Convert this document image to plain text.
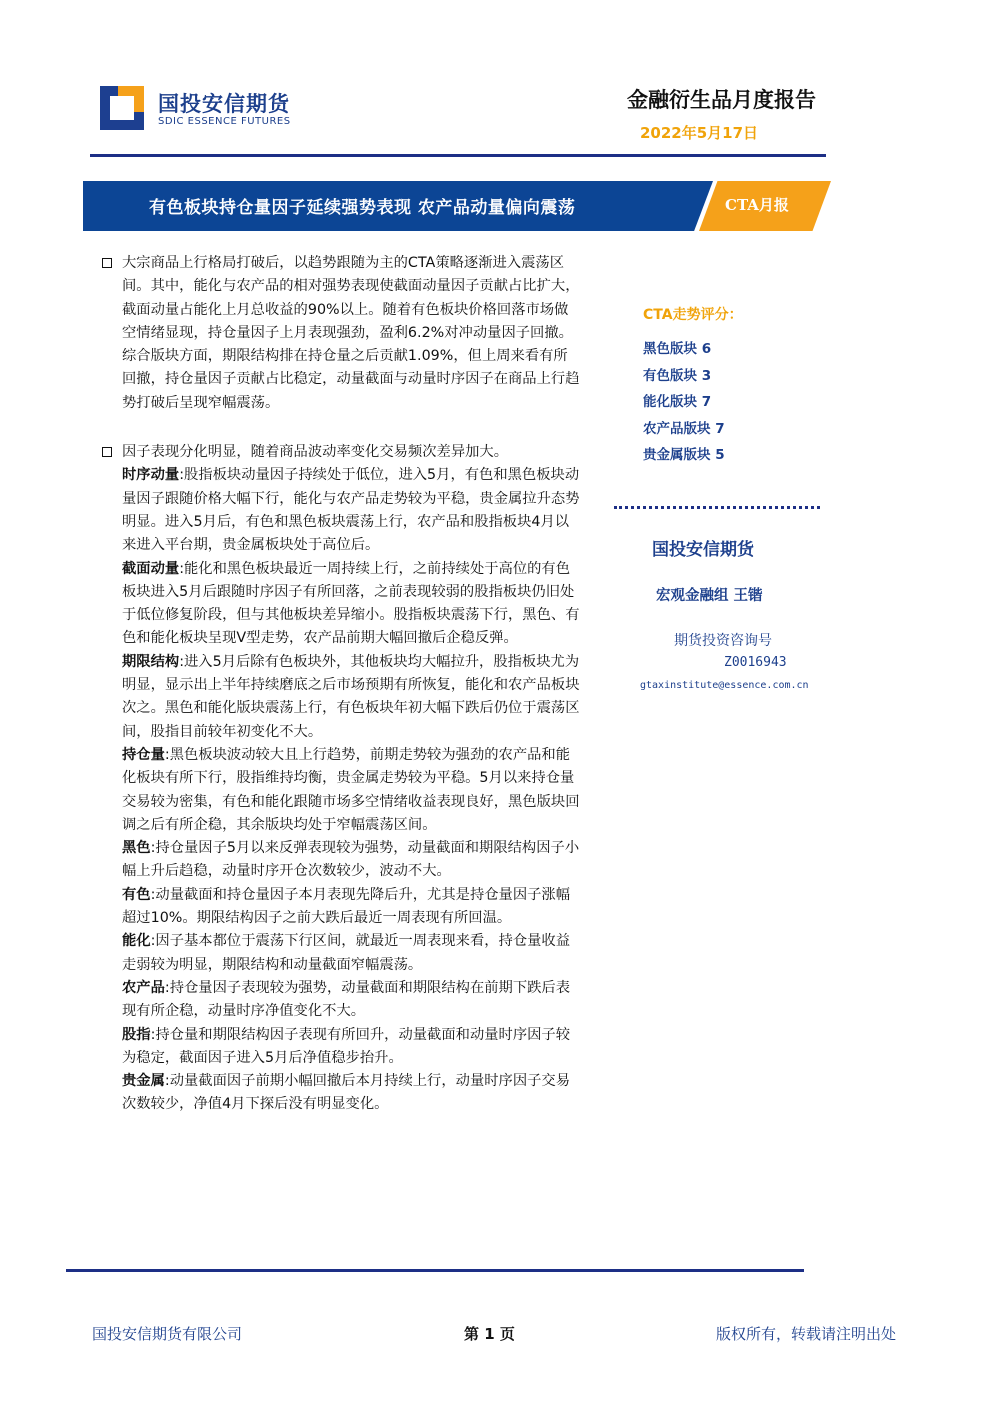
国投安信期货
SDIC ESSENCE FUTURES
金融衍生品月度报告
2022年5月17日
有色板块持仓量因子延续强势表现 农产品动量偏向震荡	CTA月报

大宗商品上行格局打破后，以趋势跟随为主的CTA策略逐渐进入震荡区间。其中，能化与农产品的相对强势表现使截面动量因子贡献占比扩大，截面动量占能化上月总收益的90%以上。随着有色板块价格回落市场做空情绪显现，持仓量因子上月表现强劲，盈利6.2%对冲动量因子回撤。综合版块方面，期限结构排在持仓量之后贡献1.09%，但上周来看有所回撤，持仓量因子贡献占比稳定，动量截面与动量时序因子在商品上行趋势打破后呈现窄幅震荡。

因子表现分化明显，随着商品波动率变化交易频次差异加大。

时序动量:股指板块动量因子持续处于低位，进入5月，有色和黑色板块动量因子跟随价格大幅下行，能化与农产品走势较为平稳，贵金属拉升态势明显。进入5月后，有色和黑色板块震荡上行，农产品和股指板块4月以来进入平台期，贵金属板块处于高位后。

截面动量:能化和黑色板块最近一周持续上行，之前持续处于高位的有色板块进入5月后跟随时序因子有所回落，之前表现较弱的股指板块仍旧处于低位修复阶段，但与其他板块差异缩小。股指板块震荡下行，黑色、有色和能化板块呈现V型走势，农产品前期大幅回撤后企稳反弹。

期限结构:进入5月后除有色板块外，其他板块均大幅拉升，股指板块尤为明显，显示出上半年持续磨底之后市场预期有所恢复，能化和农产品板块次之。黑色和能化版块震荡上行，有色板块年初大幅下跌后仍位于震荡区间，股指目前较年初变化不大。

持仓量:黑色板块波动较大且上行趋势，前期走势较为强劲的农产品和能化板块有所下行，股指维持均衡，贵金属走势较为平稳。5月以来持仓量交易较为密集，有色和能化跟随市场多空情绪收益表现良好，黑色版块回调之后有所企稳，其余版块均处于窄幅震荡区间。

黑色:持仓量因子5月以来反弹表现较为强势，动量截面和期限结构因子小幅上升后趋稳，动量时序开仓次数较少，波动不大。

有色:动量截面和持仓量因子本月表现先降后升，尤其是持仓量因子涨幅超过10%。期限结构因子之前大跌后最近一周表现有所回温。

能化:因子基本都位于震荡下行区间，就最近一周表现来看，持仓量收益走弱较为明显，期限结构和动量截面窄幅震荡。

农产品:持仓量因子表现较为强势，动量截面和期限结构在前期下跌后表现有所企稳，动量时序净值变化不大。

股指:持仓量和期限结构因子表现有所回升，动量截面和动量时序因子较为稳定，截面因子进入5月后净值稳步抬升。

贵金属:动量截面因子前期小幅回撤后本月持续上行，动量时序因子交易次数较少，净值4月下探后没有明显变化。

CTA走势评分：
黑色版块 6
有色版块 3
能化版块 7
农产品版块 7
贵金属版块 5
国投安信期货
宏观金融组 王锴
期货投资咨询号
Z0016943
gtaxinstitute@essence.com.cn
国投安信期货有限公司	第 1 页	版权所有，转载请注明出处
